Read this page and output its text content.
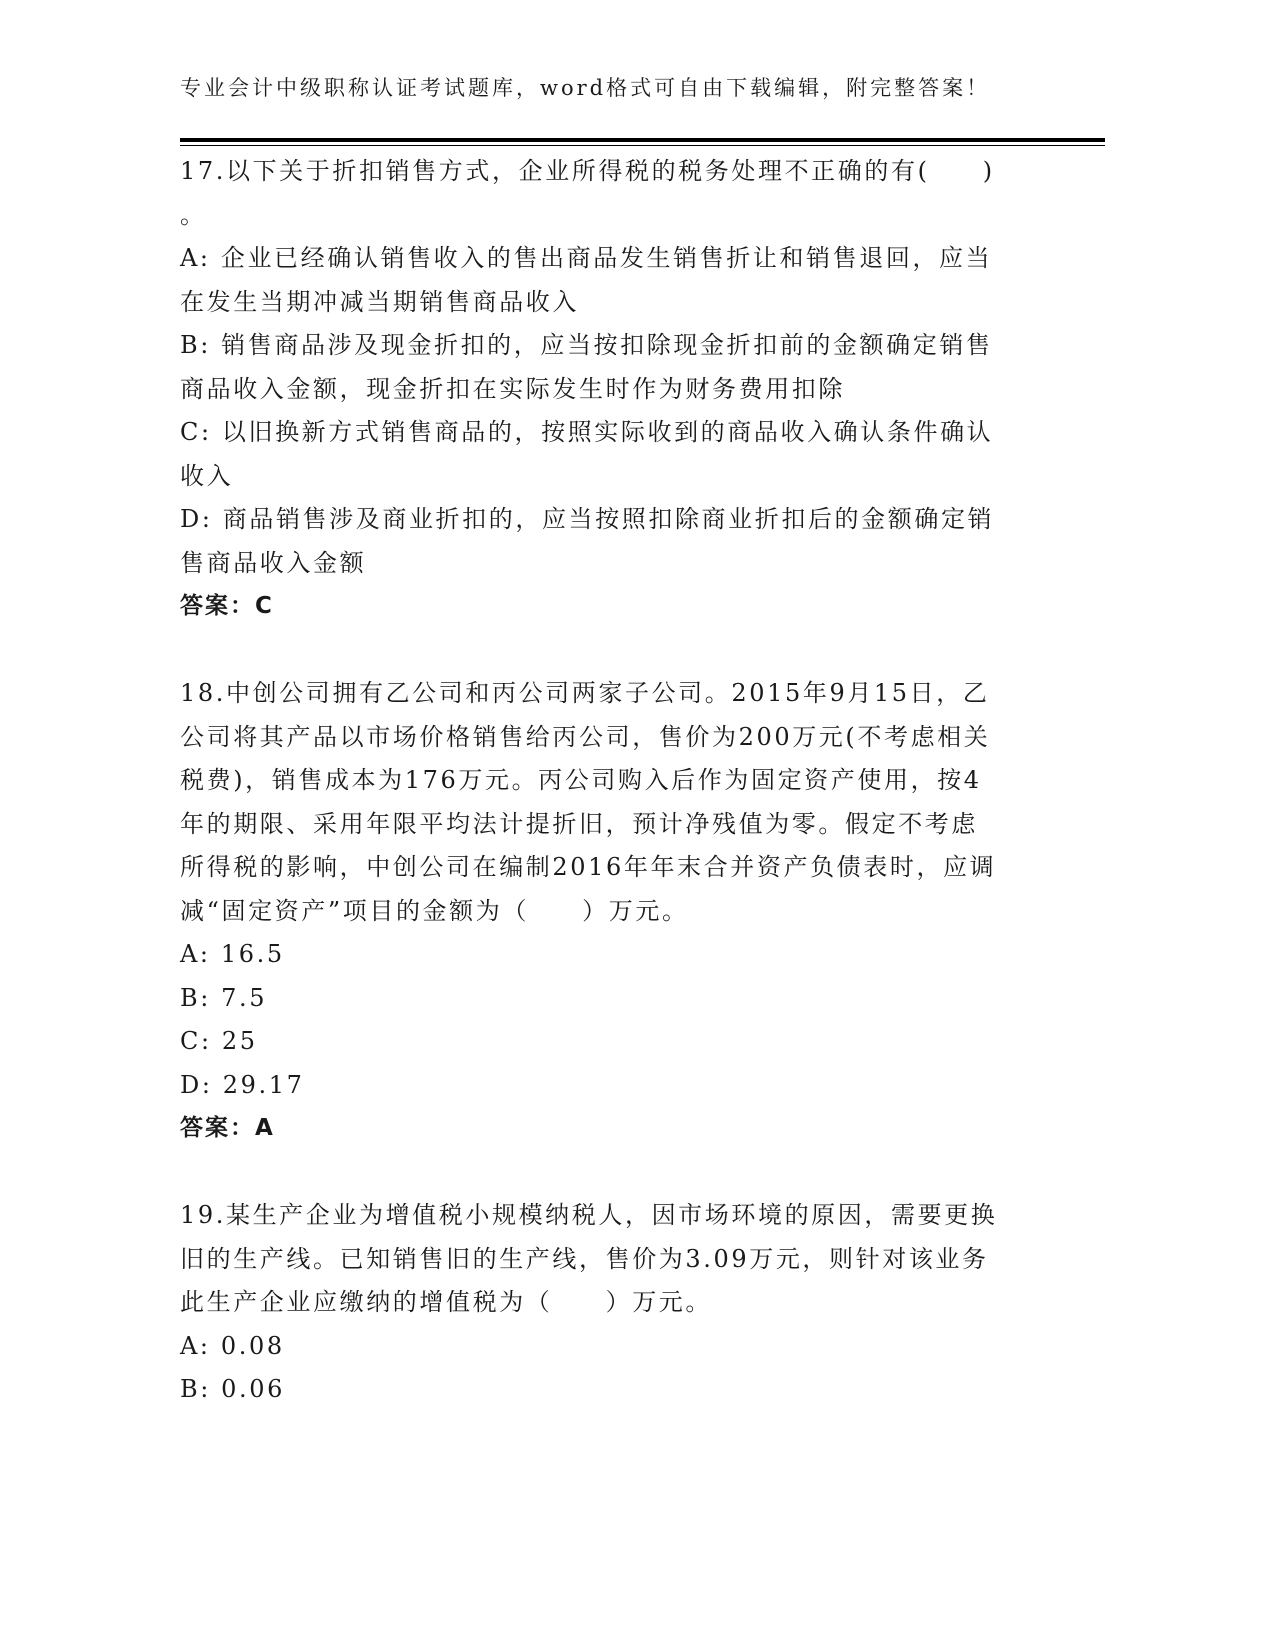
专业会计中级职称认证考试题库，word格式可自由下载编辑，附完整答案！
17.以下关于折扣销售方式，企业所得税的税务处理不正确的有(　　)
。
A: 企业已经确认销售收入的售出商品发生销售折让和销售退回，应当
在发生当期冲减当期销售商品收入
B: 销售商品涉及现金折扣的，应当按扣除现金折扣前的金额确定销售
商品收入金额，现金折扣在实际发生时作为财务费用扣除
C: 以旧换新方式销售商品的，按照实际收到的商品收入确认条件确认
收入
D: 商品销售涉及商业折扣的，应当按照扣除商业折扣后的金额确定销
售商品收入金额
答案：C
18.中创公司拥有乙公司和丙公司两家子公司。2015年9月15日，乙
公司将其产品以市场价格销售给丙公司，售价为200万元(不考虑相关
税费)，销售成本为176万元。丙公司购入后作为固定资产使用，按4
年的期限、采用年限平均法计提折旧，预计净残值为零。假定不考虑
所得税的影响，中创公司在编制2016年年末合并资产负债表时，应调
减“固定资产”项目的金额为（　　）万元。
A: 16.5
B: 7.5
C: 25
D: 29.17
答案：A
19.某生产企业为增值税小规模纳税人，因市场环境的原因，需要更换
旧的生产线。已知销售旧的生产线，售价为3.09万元，则针对该业务
此生产企业应缴纳的增值税为（　　）万元。
A: 0.08
B: 0.06
